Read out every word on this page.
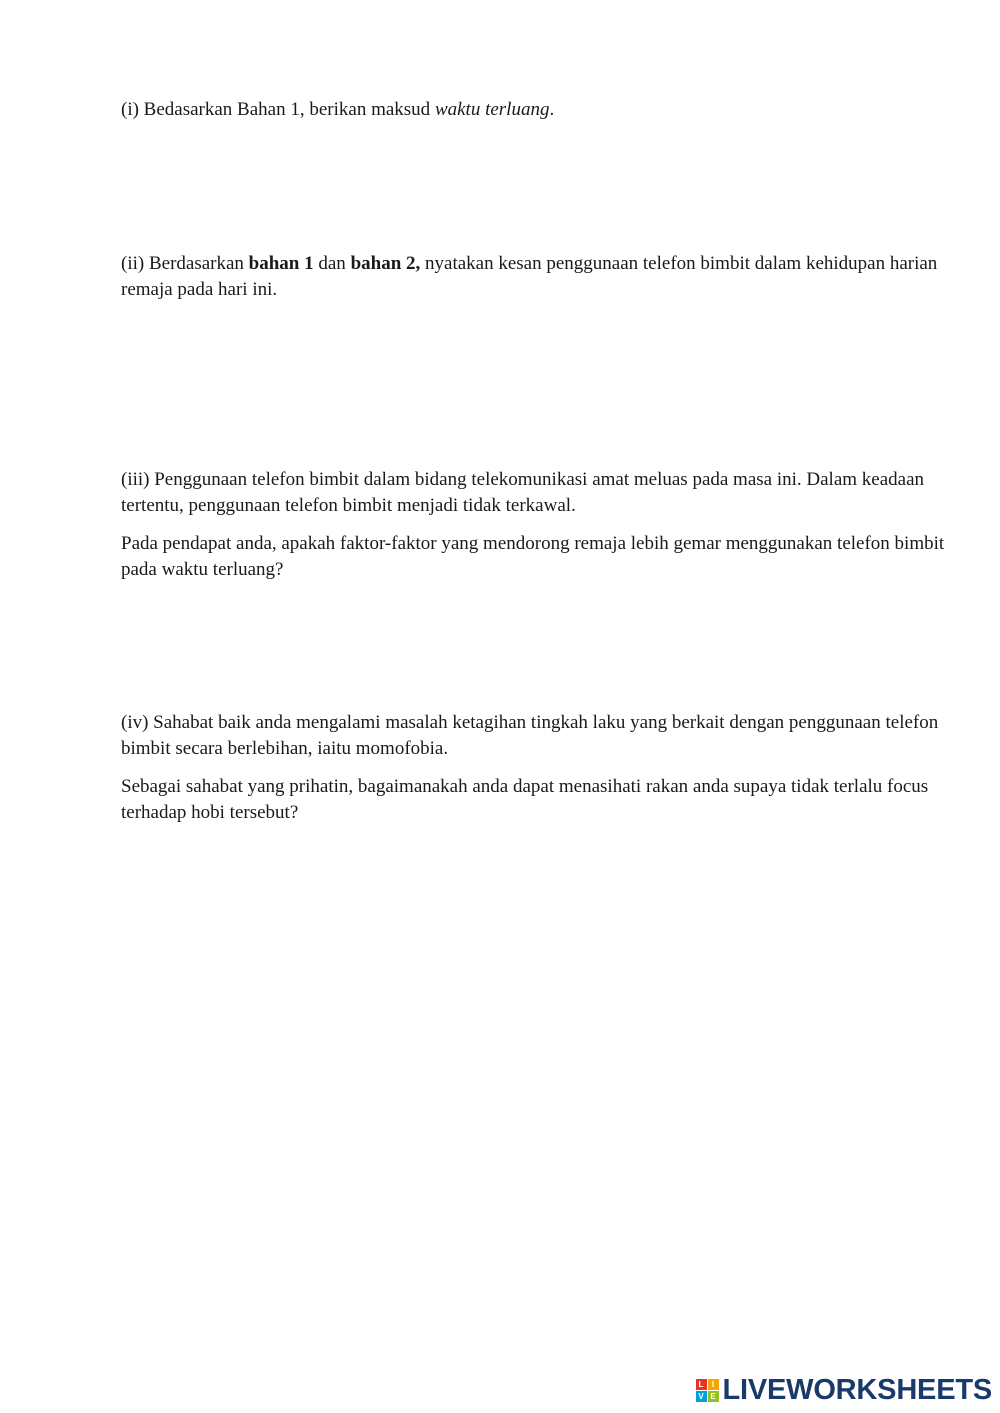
(i) Bedasarkan Bahan 1, berikan maksud waktu terluang.

(ii) Berdasarkan bahan 1 dan bahan 2, nyatakan kesan penggunaan telefon bimbit dalam kehidupan harian remaja pada hari ini.

(iii) Penggunaan telefon bimbit dalam bidang telekomunikasi amat meluas pada masa ini. Dalam keadaan tertentu, penggunaan telefon bimbit menjadi tidak terkawal.

Pada pendapat anda, apakah faktor-faktor yang mendorong remaja lebih gemar menggunakan telefon bimbit pada waktu terluang?

(iv) Sahabat baik anda mengalami masalah ketagihan tingkah laku yang berkait dengan penggunaan telefon bimbit secara berlebihan, iaitu momofobia.

Sebagai sahabat yang prihatin, bagaimanakah anda dapat menasihati rakan anda supaya tidak terlalu focus terhadap hobi tersebut?

L	I
V E LIVEWORKSHEETS
